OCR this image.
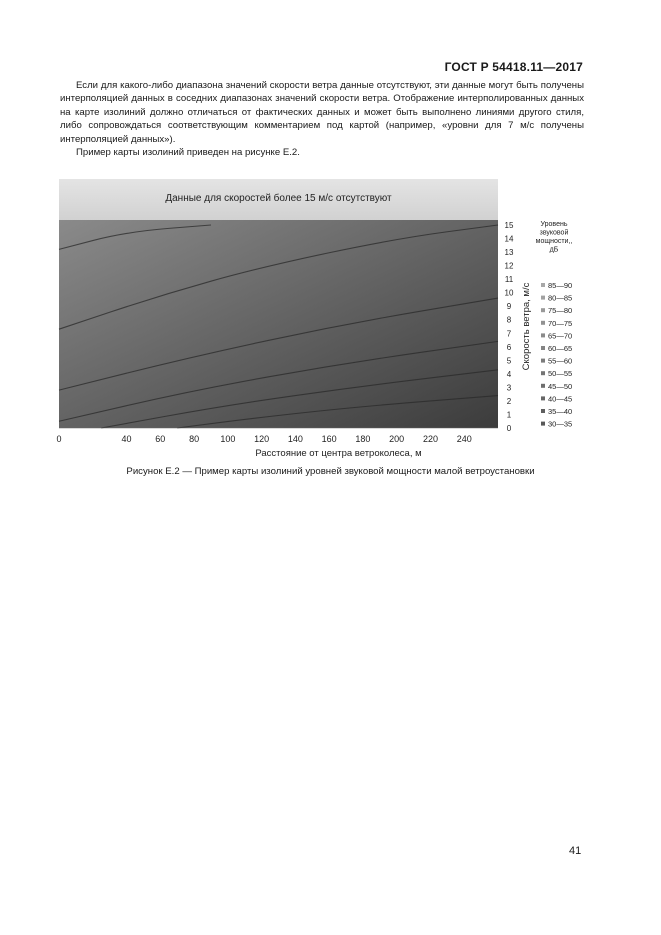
ГОСТ Р 54418.11—2017

Если для какого-либо диапазона значений скорости ветра данные отсутствуют, эти данные могут быть получены интерполяцией данных в соседних диапазонах значений скорости ветра. Отображение интерполированных данных на карте изолиний должно отличаться от фактических данных и может быть выполнено линиями другого стиля, либо сопровождаться соответствующим комментарием под картой (например, «уровни для 7 м/с получены интерполяцией данных»).

Пример карты изолиний приведен на рисунке Е.2.

Данные для скоростей более 15 м/с отсутствуют
0	40	60	80 100 120 140 160 180 200 220 240
Расстояние от центра ветроколеса, м
0
1
2
3
4
5
6
7
8
9
10
11
12
13
14
15
Скорость ветра, м/с
Уровень звуковой мощности,, дБ
85—90
80—85
75—80
70—75
65—70
60—65
55—60
50—55
45—50
40—45
35—40
30—35
Рисунок Е.2 — Пример карты изолиний уровней звуковой мощности малой ветроустановки
41
